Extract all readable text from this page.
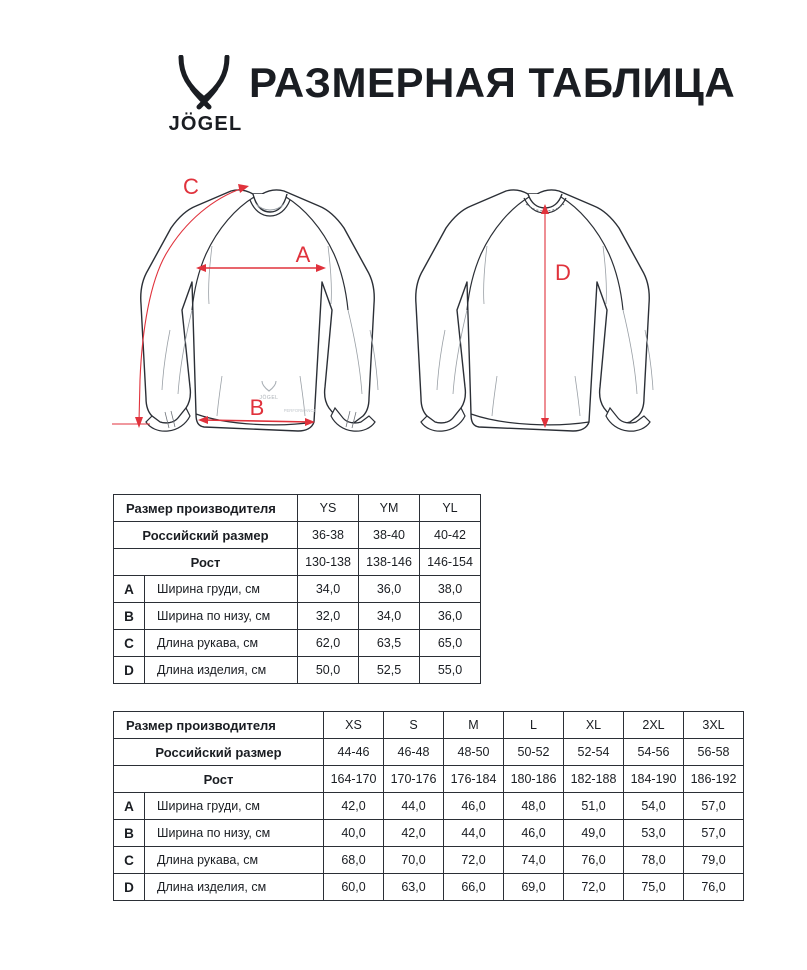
JÖGEL
РАЗМЕРНАЯ ТАБЛИЦА
JÖGEL
PERFORMANCE
A
B
C
D
Размер производителя		YS	YM	YL
Российский размер		36-38	38-40	40-42
Рост		130-138	138-146	146-154
A	Ширина груди, см	34,0	36,0	38,0
B	Ширина по низу, см	32,0	34,0	36,0
C	Длина рукава, см	62,0	63,5	65,0
D	Длина изделия, см	50,0	52,5	55,0
Размер производителя		XS	S	M	L	XL	2XL	3XL
Российский размер		44-46	46-48	48-50	50-52	52-54	54-56	56-58
Рост		164-170	170-176	176-184	180-186	182-188	184-190	186-192
A	Ширина груди, см	42,0	44,0	46,0	48,0	51,0	54,0	57,0
B	Ширина по низу, см	40,0	42,0	44,0	46,0	49,0	53,0	57,0
C	Длина рукава, см	68,0	70,0	72,0	74,0	76,0	78,0	79,0
D	Длина изделия, см	60,0	63,0	66,0	69,0	72,0	75,0	76,0
